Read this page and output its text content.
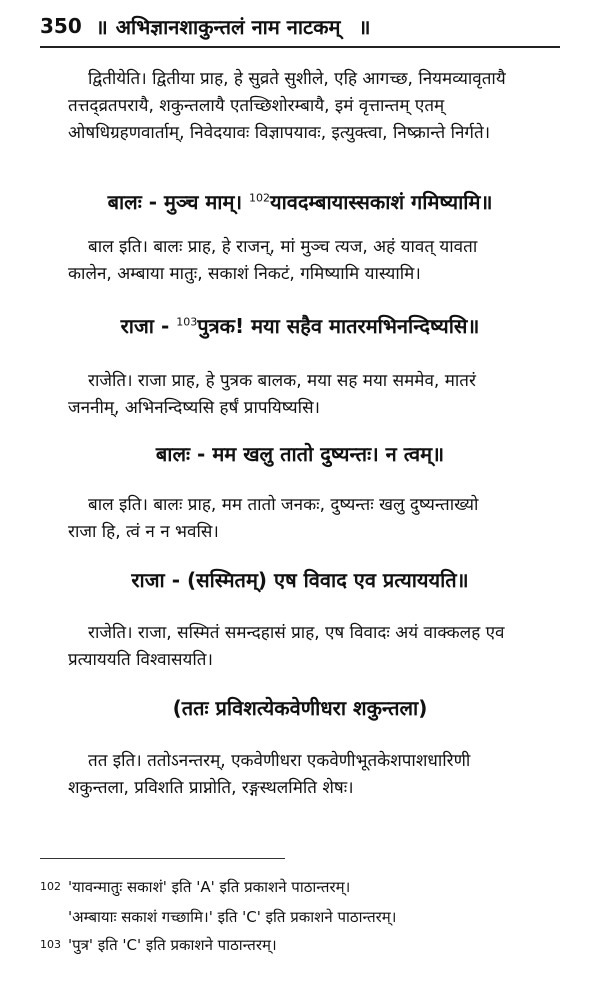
350 ॥ अभिज्ञानशाकुन्तलं नाम नाटकम् ॥
द्वितीयेति। द्वितीया प्राह, हे सुव्रते सुशीले, एहि आगच्छ, नियमव्यावृतायै
तत्तद्व्रतपरायै, शकुन्तलायै एतच्छिशोरम्बायै, इमं वृत्तान्तम् एतम्
ओषधिग्रहणवार्ताम्, निवेदयावः विज्ञापयावः, इत्युक्त्वा, निष्क्रान्ते निर्गते।
बालः - मुञ्च माम्। $^{102}$यावदम्बायास्सकाशं गमिष्यामि॥
बाल इति। बालः प्राह, हे राजन्, मां मुञ्च त्यज, अहं यावत् यावता
कालेन, अम्बाया मातुः, सकाशं निकटं, गमिष्यामि यास्यामि।
राजा - $^{103}$पुत्रक! मया सहैव मातरमभिनन्दिष्यसि॥
राजेति। राजा प्राह, हे पुत्रक बालक, मया सह मया सममेव, मातरं
जननीम्, अभिनन्दिष्यसि हर्षं प्रापयिष्यसि।
बालः - मम खलु तातो दुष्यन्तः। न त्वम्॥
बाल इति। बालः प्राह, मम तातो जनकः, दुष्यन्तः खलु दुष्यन्ताख्यो
राजा हि, त्वं न न भवसि।
राजा - (सस्मितम्) एष विवाद एव प्रत्याययति॥
राजेति। राजा, सस्मितं समन्दहासं प्राह, एष विवादः अयं वाक्कलह एव
प्रत्याययति विश्वासयति।
(ततः प्रविशत्येकवेणीधरा शकुन्तला)
तत इति। ततोऽनन्तरम्, एकवेणीधरा एकवेणीभूतकेशपाशधारिणी
शकुन्तला, प्रविशति प्राप्नोति, रङ्गस्थलमिति शेषः।
102 'यावन्मातुः सकाशं' इति 'A' इति प्रकाशने पाठान्तरम्।
'अम्बायाः सकाशं गच्छामि।' इति 'C' इति प्रकाशने पाठान्तरम्।
103 'पुत्र' इति 'C' इति प्रकाशने पाठान्तरम्।
